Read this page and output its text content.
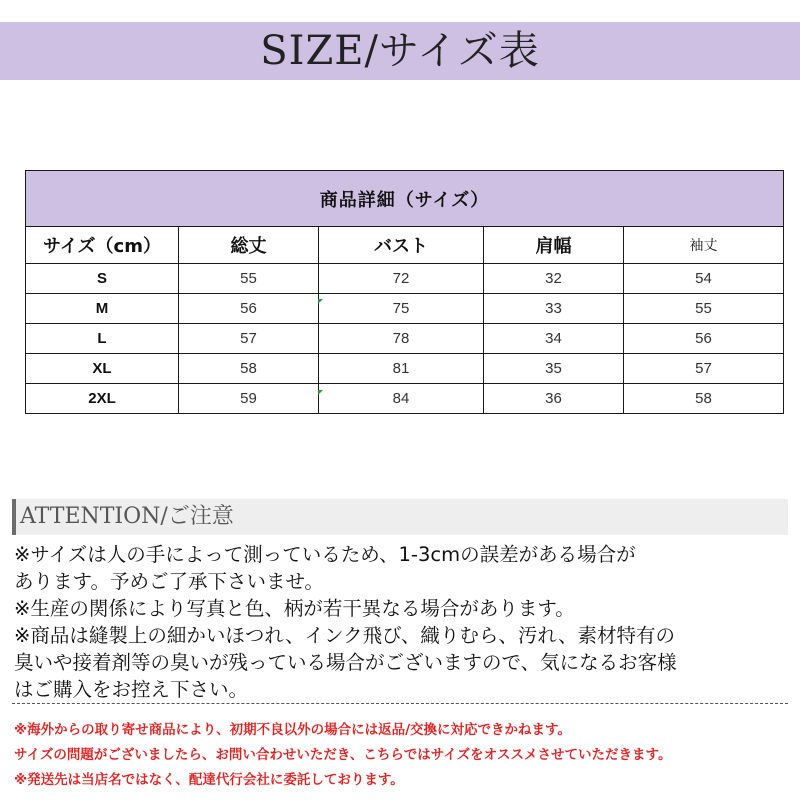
SIZE/サイズ表
商品詳細（サイズ）				
サイズ（cm）	総丈	バスト	肩幅	袖丈
S	55	72	32	54
M	56	75	33	55
L	57	78	34	56
XL	58	81	35	57
2XL	59	84	36	58
ATTENTION/ご注意
※サイズは人の手によって測っているため、1-3cmの誤差がある場合が
あります。予めご了承下さいませ。
※生産の関係により写真と色、柄が若干異なる場合があります。
※商品は縫製上の細かいほつれ、インク飛び、織りむら、汚れ、素材特有の
臭いや接着剤等の臭いが残っている場合がございますので、気になるお客様
はご購入をお控え下さい。
※海外からの取り寄せ商品により、初期不良以外の場合には返品/交換に対応できかねます。
サイズの問題がございましたら、お問い合わせいただき、こちらではサイズをオススメさせていただきます。
※発送先は当店名ではなく、配達代行会社に委託しております。
